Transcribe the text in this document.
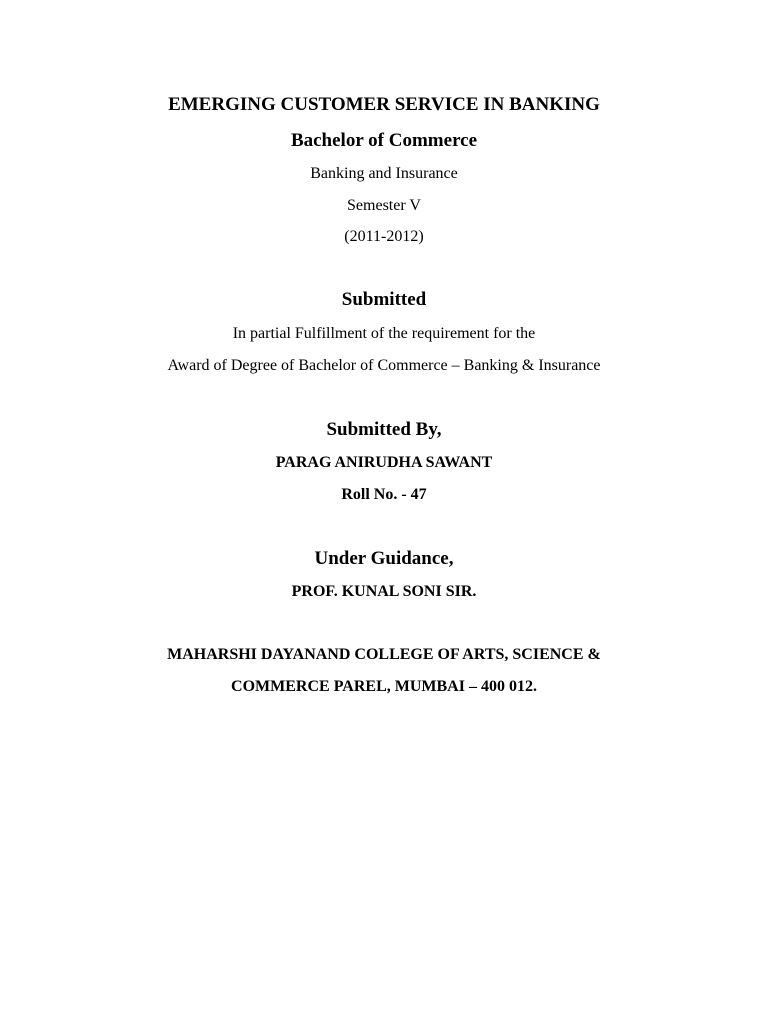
EMERGING CUSTOMER SERVICE IN BANKING
Bachelor of Commerce
Banking and Insurance
Semester V
(2011-2012)
Submitted
In partial Fulfillment of the requirement for the
Award of Degree of Bachelor of Commerce – Banking & Insurance
Submitted By,
PARAG ANIRUDHA SAWANT
Roll No. - 47
Under Guidance,
PROF. KUNAL SONI SIR.
MAHARSHI DAYANAND COLLEGE OF ARTS, SCIENCE &
COMMERCE PAREL, MUMBAI – 400 012.
